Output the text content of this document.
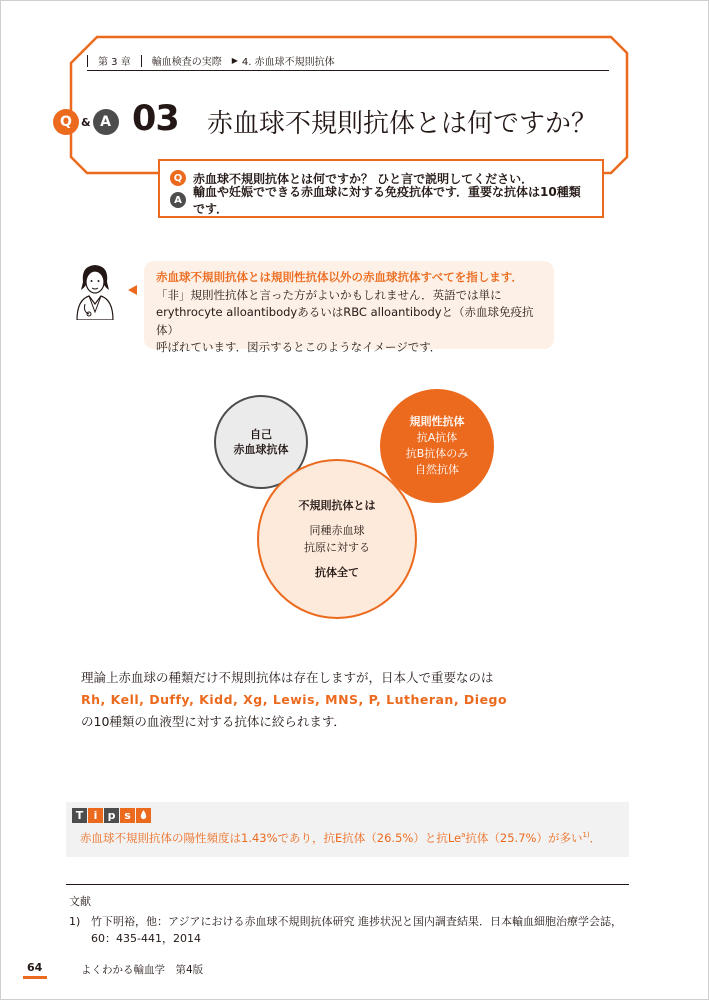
第 3 章 輸血検査の実際 ▶ 4. 赤血球不規則抗体
Q & A 03 赤血球不規則抗体とは何ですか？
Q 赤血球不規則抗体とは何ですか？ ひと言で説明してください．
A
輸血や妊娠でできる赤血球に対する免疫抗体です．重要な抗体は10種類です．
赤血球不規則抗体とは規則性抗体以外の赤血球抗体すべてを指します．
「非」規則性抗体と言った方がよいかもしれません．英語では単に
erythrocyte alloantibodyあるいはRBC alloantibodyと（赤血球免疫抗体）
呼ばれています．図示するとこのようなイメージです．
自己
赤血球抗体
規則性抗体
抗A抗体
抗B抗体のみ
自然抗体
不規則抗体とは
同種赤血球
抗原に対する
抗体全て
理論上赤血球の種類だけ不規則抗体は存在しますが，日本人で重要なのは
Rh, Kell, Duffy, Kidd, Xg, Lewis, MNS, P, Lutheran, Diego
の10種類の血液型に対する抗体に絞られます．
T i p s
赤血球不規則抗体の陽性頻度は1.43%であり，抗E抗体（26.5%）と抗Le$^a$抗体（25.7%）が多い$^{1)}$．
文献
1) 竹下明裕，他：アジアにおける赤血球不規則抗体研究 進捗状況と国内調査結果．日本輸血細胞治療学会誌，
60：435-441，2014
64	よくわかる輸血学　第4版
